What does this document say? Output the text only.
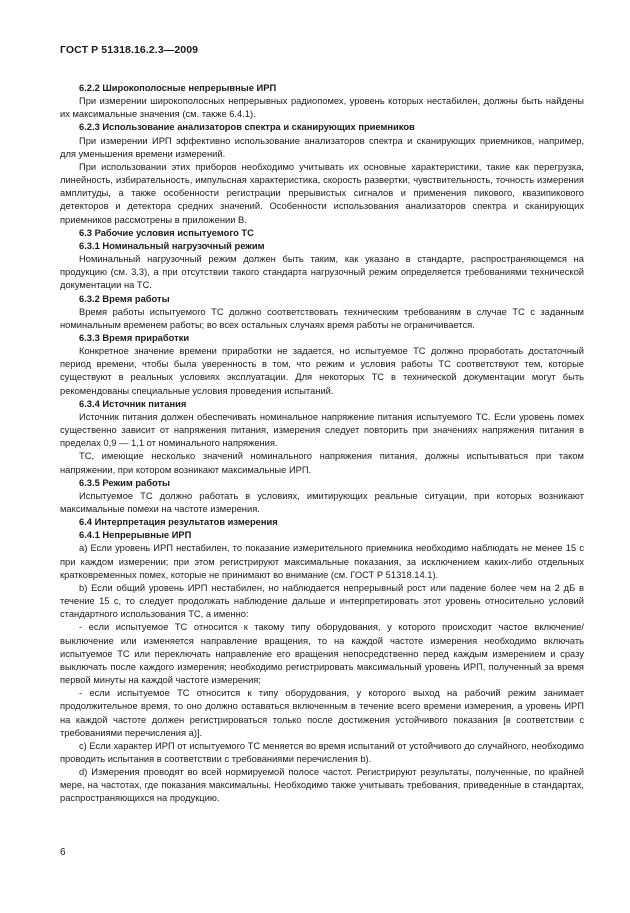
ГОСТ Р 51318.16.2.3—2009
6.2.2 Широкополосные непрерывные ИРП

При измерении широкополосных непрерывных радиопомех, уровень которых нестабилен, должны быть найдены их максимальные значения (см. также 6.4.1).

6.2.3 Использование анализаторов спектра и сканирующих приемников

При измерении ИРП эффективно использование анализаторов спектра и сканирующих приемников, например, для уменьшения времени измерений.

При использовании этих приборов необходимо учитывать их основные характеристики, такие как перегрузка, линейность, избирательность, импульсная характеристика, скорость развертки, чувствительность, точность измерения амплитуды, а также особенности регистрации прерывистых сигналов и применения пикового, квазипикового детекторов и детектора средних значений. Особенности использования анализаторов спектра и сканирующих приемников рассмотрены в приложении В.

6.3 Рабочие условия испытуемого ТС
6.3.1 Номинальный нагрузочный режим

Номинальный нагрузочный режим должен быть таким, как указано в стандарте, распространяющемся на продукцию (см. 3.3), а при отсутствии такого стандарта нагрузочный режим определяется требованиями технической документации на ТС.

6.3.2 Время работы

Время работы испытуемого ТС должно соответствовать техническим требованиям в случае ТС с заданным номинальным временем работы; во всех остальных случаях время работы не ограничивается.

6.3.3 Время приработки

Конкретное значение времени приработки не задается, но испытуемое ТС должно проработать достаточный период времени, чтобы была уверенность в том, что режим и условия работы ТС соответствуют тем, которые существуют в реальных условиях эксплуатации. Для некоторых ТС в технической документации могут быть рекомендованы специальные условия проведения испытаний.

6.3.4 Источник питания

Источник питания должен обеспечивать номинальное напряжение питания испытуемого ТС. Если уровень помех существенно зависит от напряжения питания, измерения следует повторить при значениях напряжения питания в пределах 0,9 — 1,1 от номинального напряжения.

ТС, имеющие несколько значений номинального напряжения питания, должны испытываться при таком напряжении, при котором возникают максимальные ИРП.

6.3.5 Режим работы

Испытуемое ТС должно работать в условиях, имитирующих реальные ситуации, при которых возникают максимальные помехи на частоте измерения.

6.4 Интерпретация результатов измерения
6.4.1 Непрерывные ИРП

а) Если уровень ИРП нестабилен, то показание измерительного приемника необходимо наблюдать не менее 15 с при каждом измерении; при этом регистрируют максимальные показания, за исключением каких-либо отдельных кратковременных помех, которые не принимают во внимание (см. ГОСТ Р 51318.14.1).

b) Если общий уровень ИРП нестабилен, но наблюдается непрерывный рост или падение более чем на 2 дБ в течение 15 с, то следует продолжать наблюдение дальше и интерпретировать этот уровень относительно условий стандартного использования ТС, а именно:

- если испытуемое ТС относится к такому типу оборудования, у которого происходит частое включение/выключение или изменяется направление вращения, то на каждой частоте измерения необходимо включать испытуемое ТС или переключать направление его вращения непосредственно перед каждым измерением и сразу выключать после каждого измерения; необходимо регистрировать максимальный уровень ИРП, полученный за время первой минуты на каждой частоте измерения;

- если испытуемое ТС относится к типу оборудования, у которого выход на рабочий режим занимает продолжительное время, то оно должно оставаться включенным в течение всего времени измерения, а уровень ИРП на каждой частоте должен регистрироваться только после достижения устойчивого показания [в соответствии с требованиями перечисления а)].

с) Если характер ИРП от испытуемого ТС меняется во время испытаний от устойчивого до случайного, необходимо проводить испытания в соответствии с требованиями перечисления b).

d) Измерения проводят во всей нормируемой полосе частот. Регистрируют результаты, полученные, по крайней мере, на частотах, где показания максимальны. Необходимо также учитывать требования, приведенные в стандартах, распространяющихся на продукцию.

6
